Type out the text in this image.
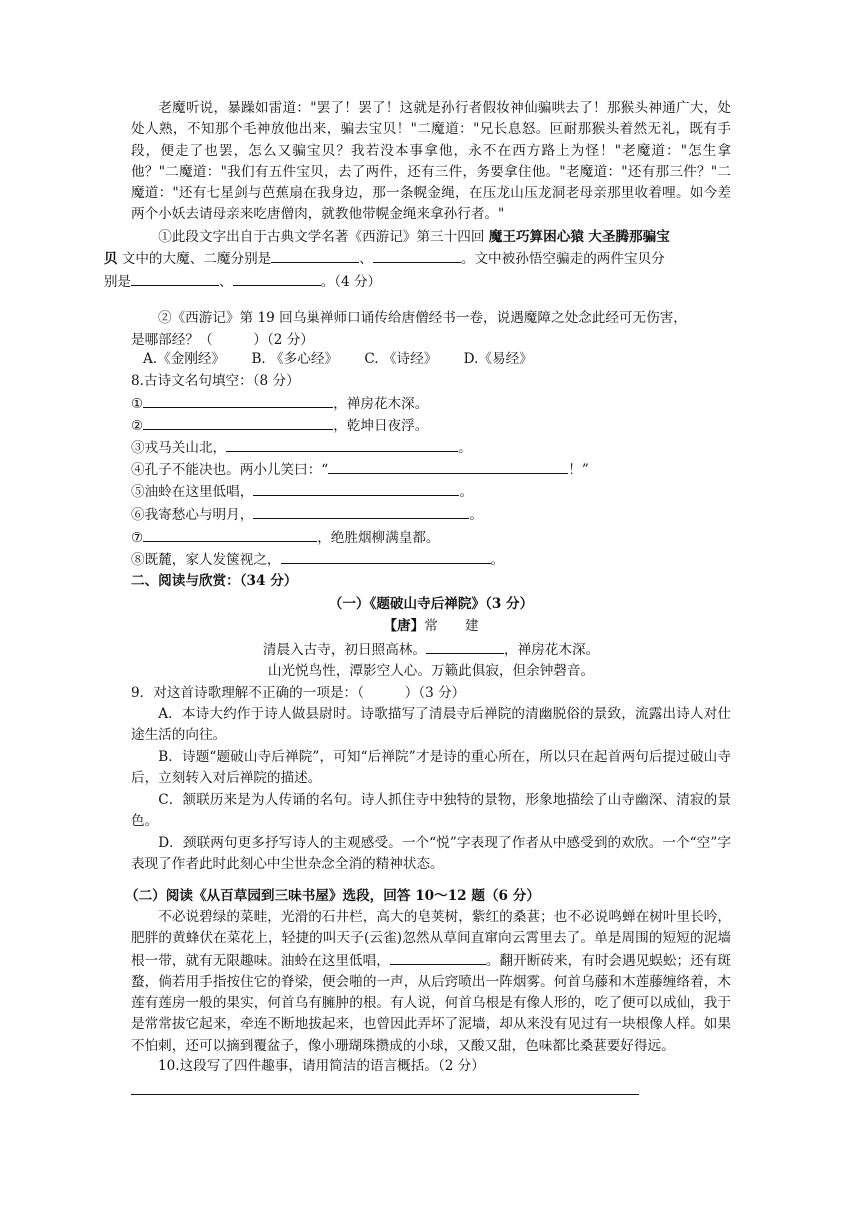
老魔听说，暴躁如雷道："罢了！罢了！这就是孙行者假妆神仙骗哄去了！那猴头神通广大，处处人熟，不知那个毛神放他出来，骗去宝贝！"二魔道："兄长息怒。叵耐那猴头着然无礼，既有手段，便走了也罢，怎么又骗宝贝？我若没本事拿他，永不在西方路上为怪！"老魔道："怎生拿他？"二魔道："我们有五件宝贝，去了两件，还有三件，务要拿住他。"老魔道："还有那三件？"二魔道："还有七星剑与芭蕉扇在我身边，那一条幌金绳，在压龙山压龙洞老母亲那里收着哩。如今差两个小妖去请母亲来吃唐僧肉，就教他带幌金绳来拿孙行者。"
①此段文字出自于古典文学名著《西游记》第三十四回 魔王巧算困心猿 大圣腾那骗宝
贝 文中的大魔、二魔分别是	、	。文中被孙悟空骗走的两件宝贝分
别是	、	。（4 分）
②《西游记》第 19 回乌巢禅师口诵传给唐僧经书一卷，说遇魔障之处念此经可无伤害，
是哪部经？（　　　）（2 分）
A.《金刚经》 B. 《多心经》 C. 《诗经》 D.《易经》
8.古诗文名句填空：（8 分）
①	，禅房花木深。
②	，乾坤日夜浮。
③戎马关山北，	。
④孔子不能决也。两小儿笑曰：“	！”
⑤油蛉在这里低唱，	。
⑥我寄愁心与明月，	。
⑦	，绝胜烟柳满皇都。
⑧既麓，家人发箧视之，	。
二、阅读与欣赏：（34 分）
（一）《题破山寺后禅院》（3 分）
【唐】常　　建
清晨入古寺，初日照高林。	，禅房花木深。
山光悦鸟性，潭影空人心。万籁此俱寂，但余钟磬音。
9．对这首诗歌理解不正确的一项是：（　　　）（3 分）
A．本诗大约作于诗人做县尉时。诗歌描写了清晨寺后禅院的清幽脱俗的景致，流露出诗人对仕途生活的向往。
B．诗题“题破山寺后禅院”，可知“后禅院”才是诗的重心所在，所以只在起首两句后提过破山寺后，立刻转入对后禅院的描述。
C．颔联历来是为人传诵的名句。诗人抓住寺中独特的景物，形象地描绘了山寺幽深、清寂的景色。
D．颈联两句更多抒写诗人的主观感受。一个“悦”字表现了作者从中感受到的欢欣。一个“空”字表现了作者此时此刻心中尘世杂念全消的精神状态。
（二）阅读《从百草园到三味书屋》选段，回答 10～12 题（6 分）
不必说碧绿的菜畦，光滑的石井栏，高大的皂荚树，紫红的桑葚；也不必说鸣蝉在树叶里长吟，肥胖的黄蜂伏在菜花上，轻捷的叫天子(云雀)忽然从草间直窜向云霄里去了。单是周围的短短的泥墙根一带，就有无限趣味。油蛉在这里低唱，	。翻开断砖来，有时会遇见蜈蚣；还有斑蝥，倘若用手指按住它的脊梁，便会啪的一声，从后窍喷出一阵烟雾。何首乌藤和木莲藤缠络着，木莲有莲房一般的果实，何首乌有臃肿的根。有人说，何首乌根是有像人形的，吃了便可以成仙，我于是常常拔它起来，牵连不断地拔起来，也曾因此弄坏了泥墙，却从来没有见过有一块根像人样。如果不怕刺，还可以摘到覆盆子，像小珊瑚珠攒成的小球，又酸又甜，色味都比桑葚要好得远。
10.这段写了四件趣事，请用简洁的语言概括。（2 分）
